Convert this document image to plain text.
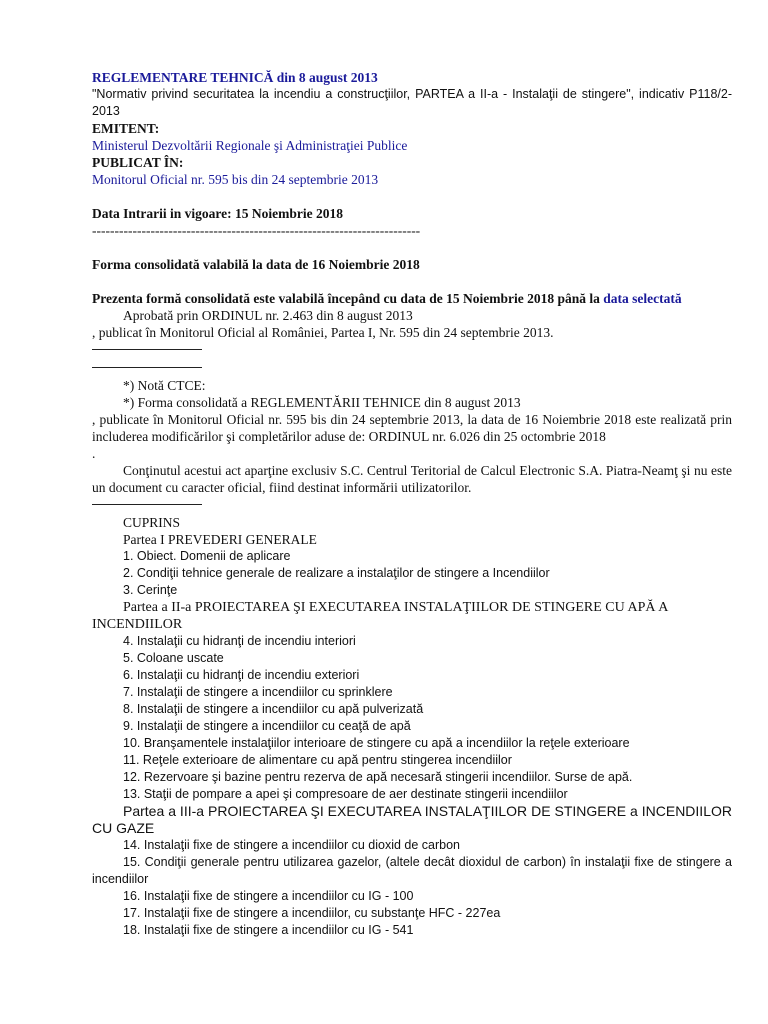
REGLEMENTARE TEHNICĂ din 8 august 2013

"Normativ privind securitatea la incendiu a construcţiilor, PARTEA a II-a - Instalaţii de stingere", indicativ P118/2-2013

EMITENT:

Ministerul Dezvoltării Regionale şi Administraţiei Publice

PUBLICAT ÎN:

Monitorul Oficial nr. 595 bis din 24 septembrie 2013

Data Intrarii in vigoare: 15 Noiembrie 2018

-------------------------------------------------------------------------

Forma consolidată valabilă la data de 16 Noiembrie 2018

Prezenta formă consolidată este valabilă începând cu data de 15 Noiembrie 2018 până la data selectată

Aprobată prin ORDINUL nr. 2.463 din 8 august 2013

, publicat în Monitorul Oficial al României, Partea I, Nr. 595 din 24 septembrie 2013.

*) Notă CTCE:

*) Forma consolidată a REGLEMENTĂRII TEHNICE din 8 august 2013

, publicate în Monitorul Oficial nr. 595 bis din 24 septembrie 2013, la data de 16 Noiembrie 2018 este realizată prin includerea modificărilor şi completărilor aduse de: ORDINUL nr. 6.026 din 25 octombrie 2018

.

Conţinutul acestui act aparţine exclusiv S.C. Centrul Teritorial de Calcul Electronic S.A. Piatra-Neamţ şi nu este un document cu caracter oficial, fiind destinat informării utilizatorilor.

CUPRINS

Partea I PREVEDERI GENERALE

1. Obiect. Domenii de aplicare

2. Condiţii tehnice generale de realizare a instalaţilor de stingere a Incendiilor

3. Cerinţe

Partea a II-a PROIECTAREA ŞI EXECUTAREA INSTALAŢIILOR DE STINGERE CU APĂ A INCENDIILOR

4. Instalaţii cu hidranţi de incendiu interiori

5. Coloane uscate

6. Instalaţii cu hidranţi de incendiu exteriori

7. Instalaţii de stingere a incendiilor cu sprinklere

8. Instalaţii de stingere a incendiilor cu apă pulverizată

9. Instalaţii de stingere a incendiilor cu ceaţă de apă

10. Branşamentele instalaţiilor interioare de stingere cu apă a incendiilor la reţele exterioare

11. Reţele exterioare de alimentare cu apă pentru stingerea incendiilor

12. Rezervoare şi bazine pentru rezerva de apă necesară stingerii incendiilor. Surse de apă.

13. Staţii de pompare a apei şi compresoare de aer destinate stingerii incendiilor

Partea a III-a PROIECTAREA ŞI EXECUTAREA INSTALAŢIILOR DE STINGERE a INCENDIILOR CU GAZE

14. Instalaţii fixe de stingere a incendiilor cu dioxid de carbon

15. Condiţii generale pentru utilizarea gazelor, (altele decât dioxidul de carbon) în instalaţii fixe de stingere a incendiilor

16. Instalaţii fixe de stingere a incendiilor cu IG - 100

17. Instalaţii fixe de stingere a incendiilor, cu substanţe HFC - 227ea

18. Instalaţii fixe de stingere a incendiilor cu IG - 541
